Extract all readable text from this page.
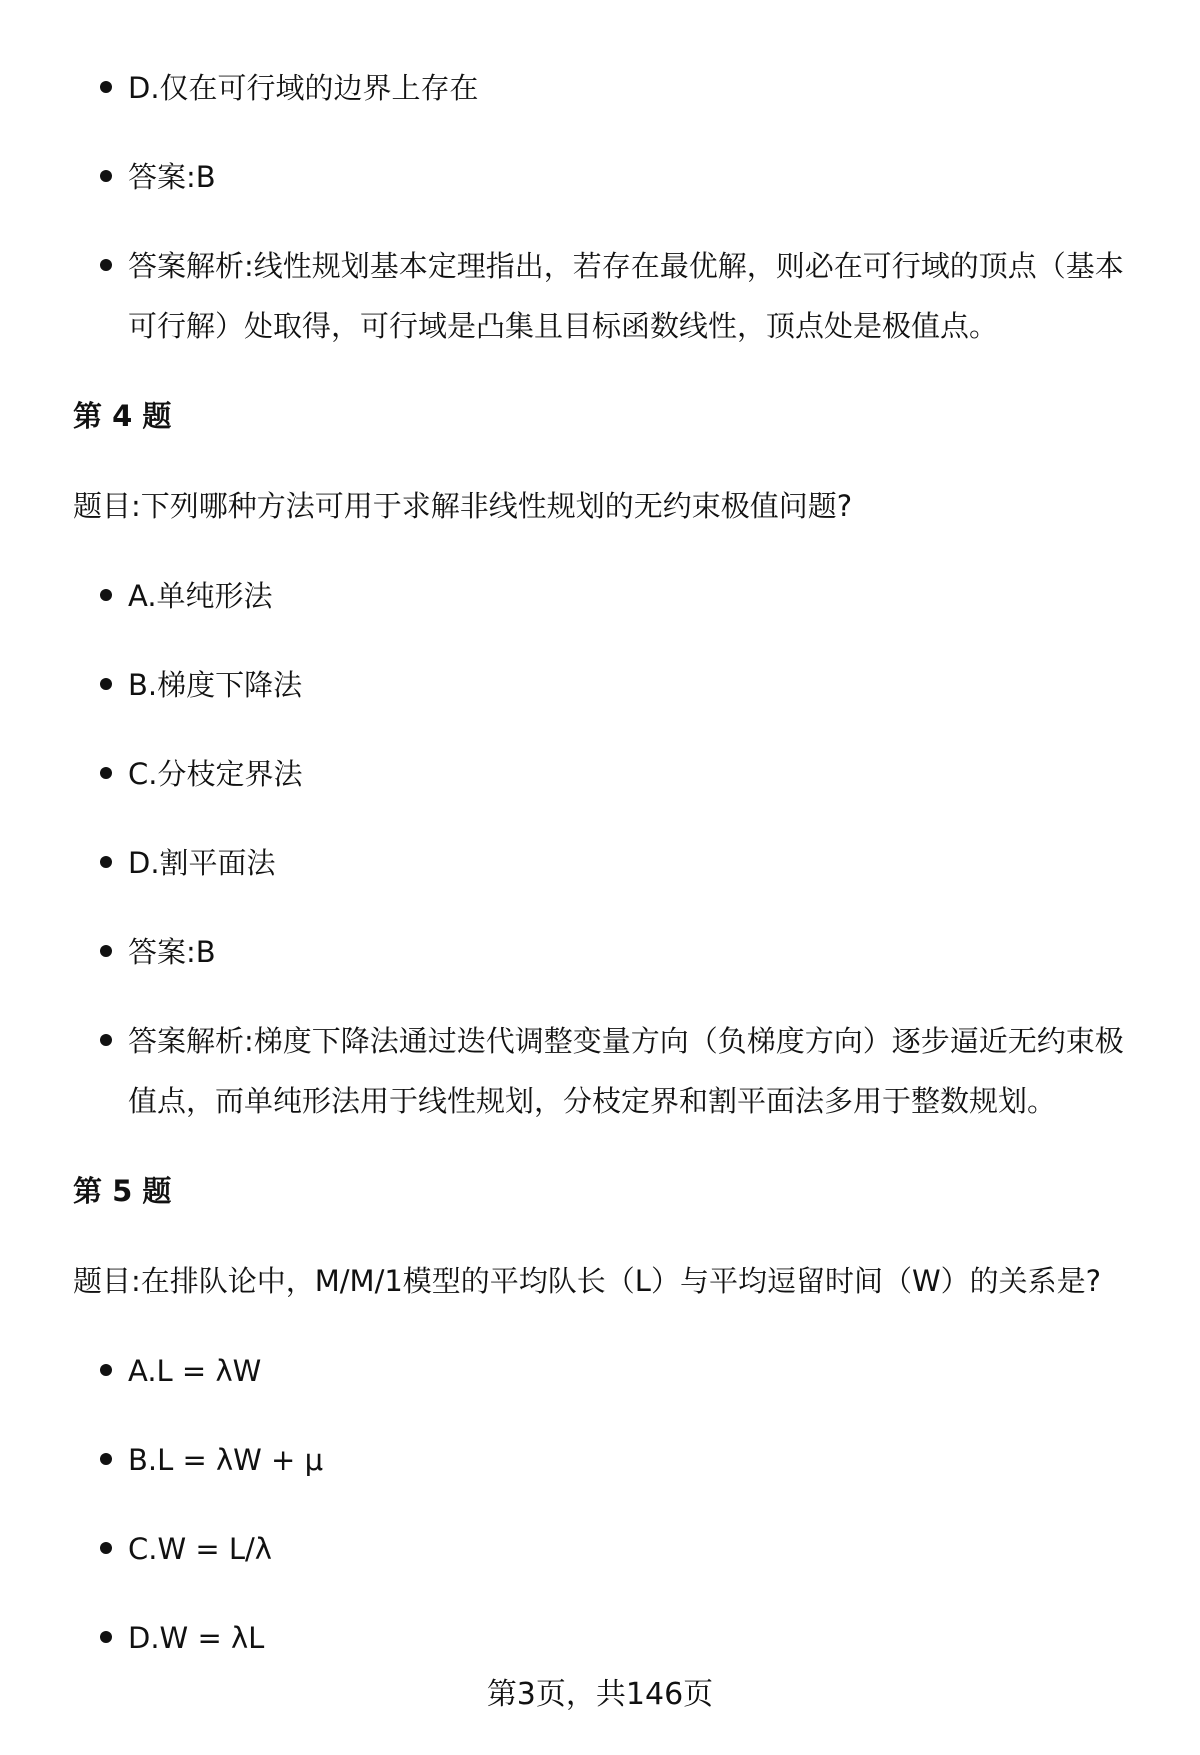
D.仅在可行域的边界上存在
答案:B
答案解析:线性规划基本定理指出，若存在最优解，则必在可行域的顶点（基本可行解）处取得，可行域是凸集且目标函数线性，顶点处是极值点。
第 4 题
题目:下列哪种方法可用于求解非线性规划的无约束极值问题?
A.单纯形法
B.梯度下降法
C.分枝定界法
D.割平面法
答案:B
答案解析:梯度下降法通过迭代调整变量方向（负梯度方向）逐步逼近无约束极值点，而单纯形法用于线性规划，分枝定界和割平面法多用于整数规划。
第 5 题
题目:在排队论中，M/M/1模型的平均队长（L）与平均逗留时间（W）的关系是?
A.L = λW
B.L = λW + μ
C.W = L/λ
D.W = λL
第3页，共146页
